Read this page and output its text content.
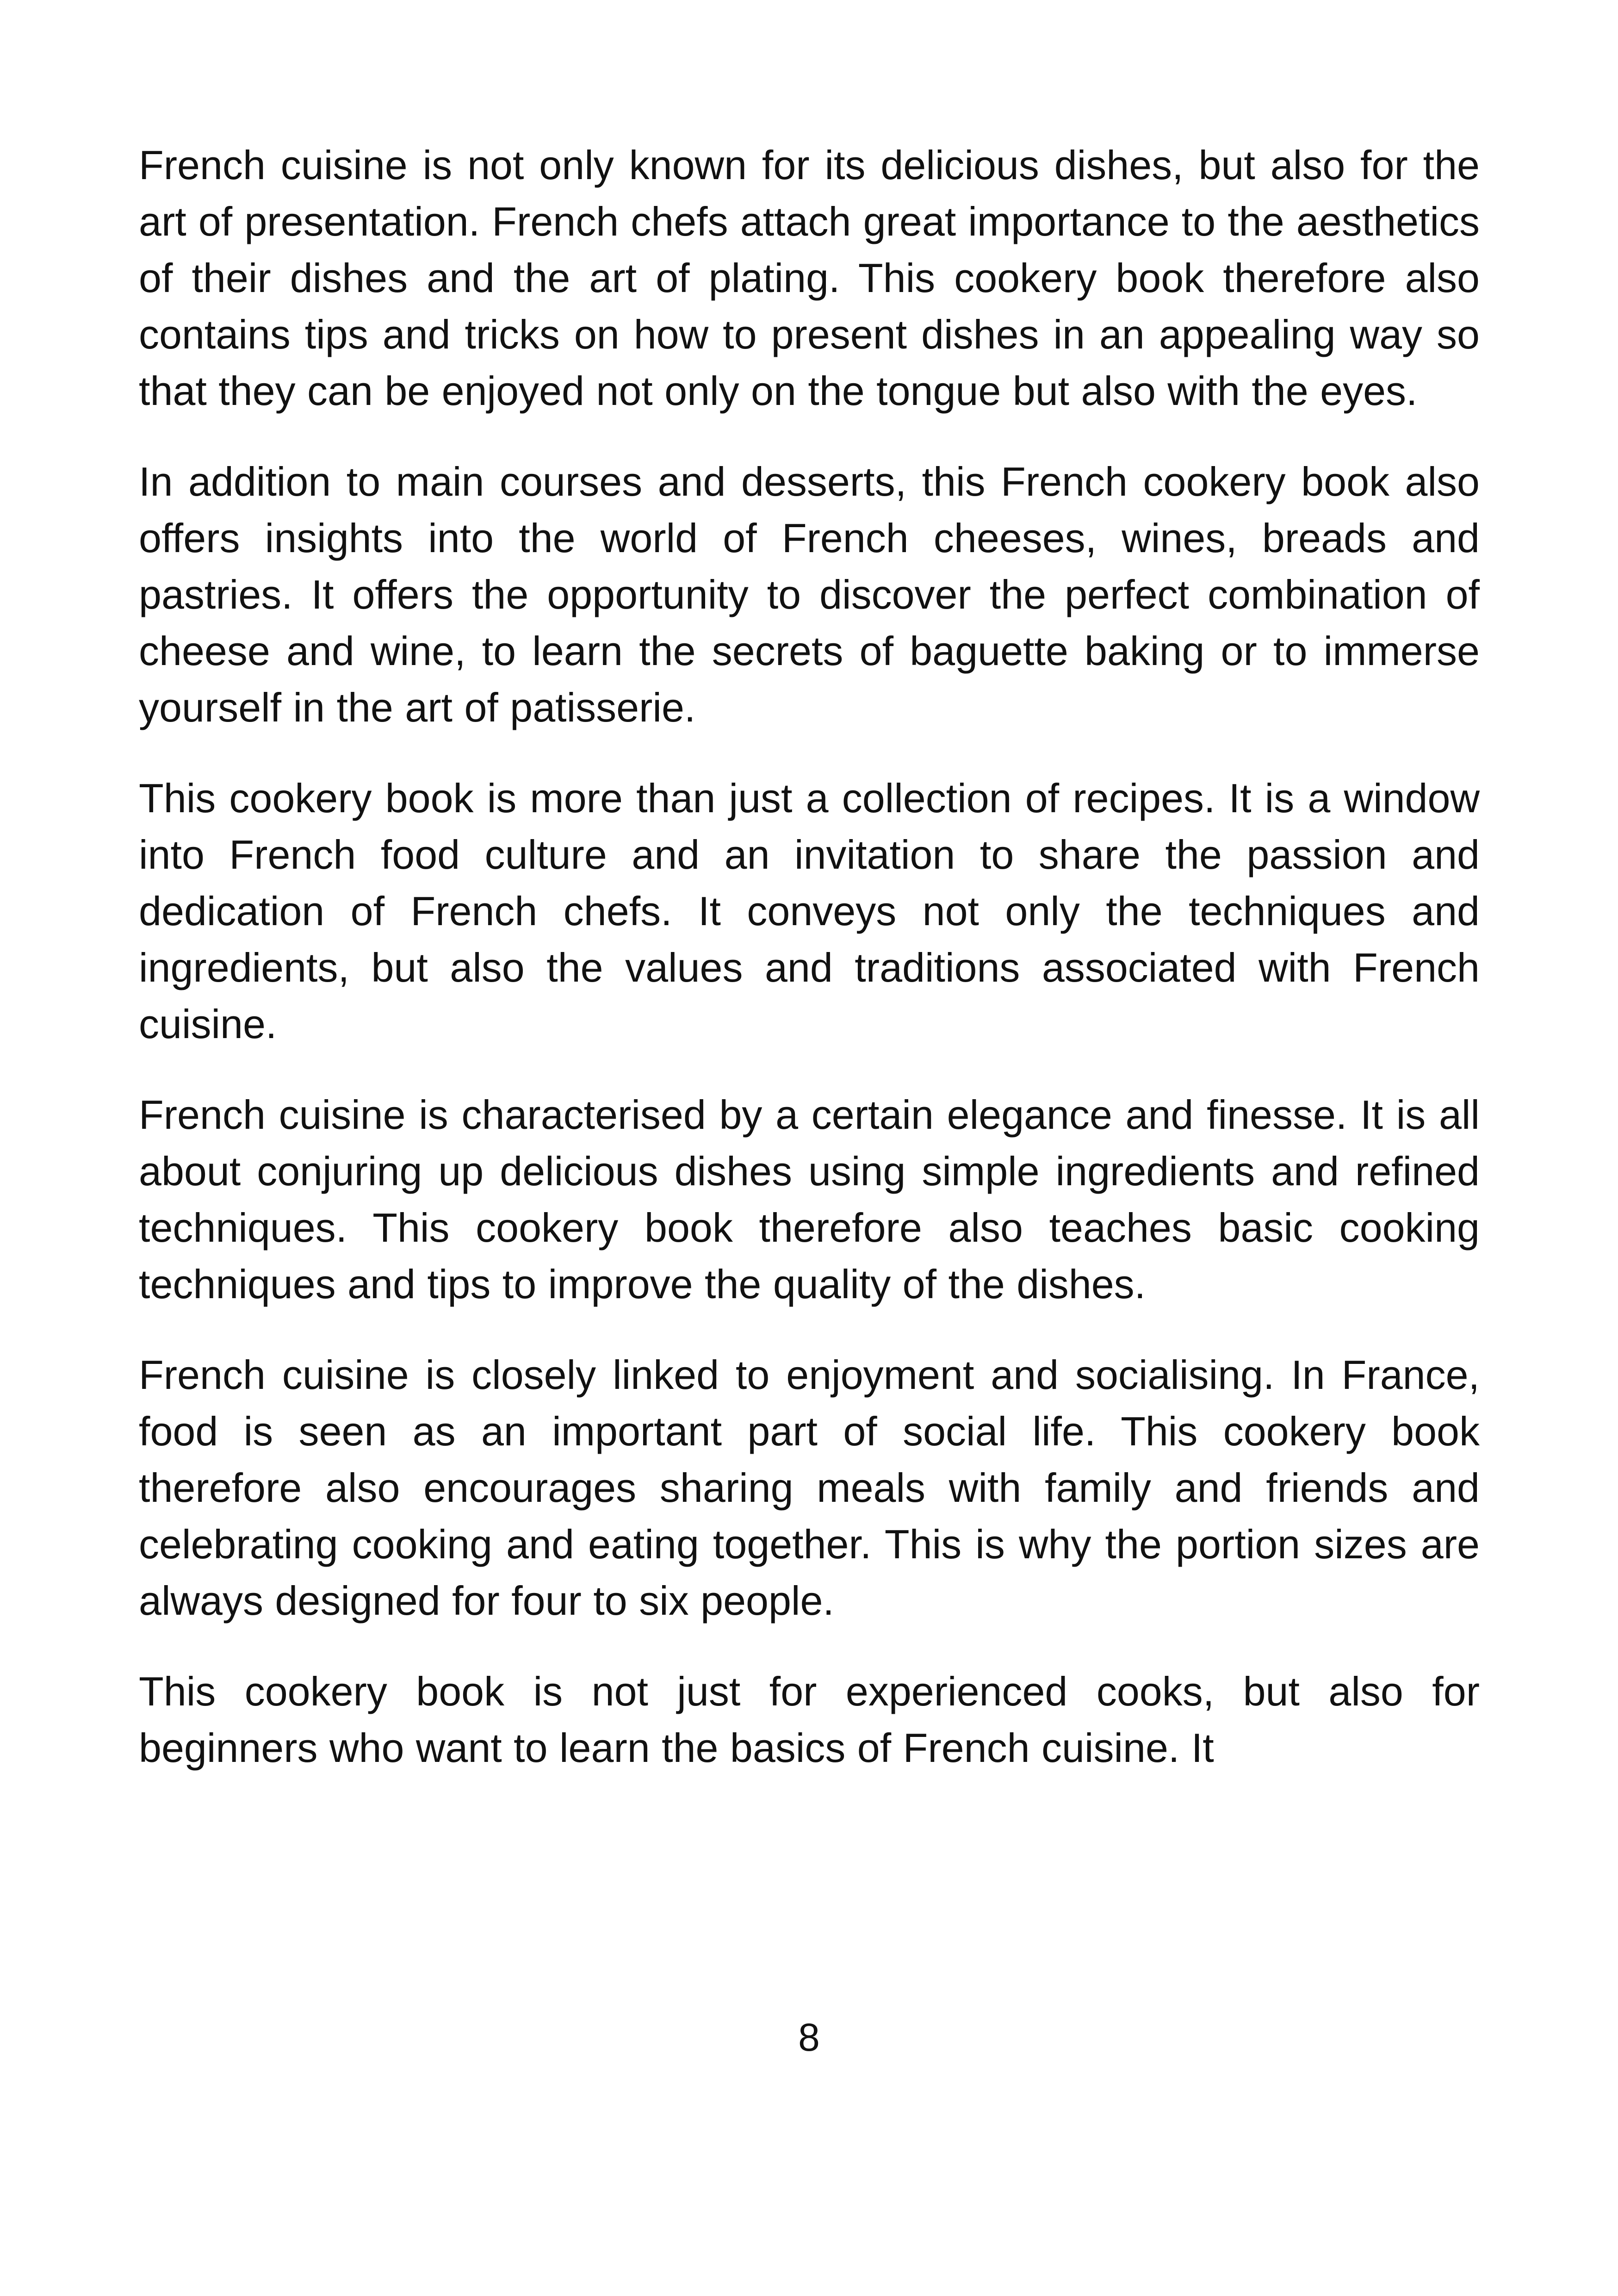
French cuisine is not only known for its delicious dishes, but also for the art of presentation. French chefs attach great importance to the aesthetics of their dishes and the art of plating. This cookery book therefore also contains tips and tricks on how to present dishes in an appealing way so that they can be enjoyed not only on the tongue but also with the eyes.

In addition to main courses and desserts, this French cookery book also offers insights into the world of French cheeses, wines, breads and pastries. It offers the opportunity to discover the perfect combination of cheese and wine, to learn the secrets of baguette baking or to immerse yourself in the art of patisserie.

This cookery book is more than just a collection of recipes. It is a window into French food culture and an invitation to share the passion and dedication of French chefs. It conveys not only the techniques and ingredients, but also the values and traditions associated with French cuisine.

French cuisine is characterised by a certain elegance and finesse. It is all about conjuring up delicious dishes using simple ingredients and refined techniques. This cookery book therefore also teaches basic cooking techniques and tips to improve the quality of the dishes.

French cuisine is closely linked to enjoyment and socialising. In France, food is seen as an important part of social life. This cookery book therefore also encourages sharing meals with family and friends and celebrating cooking and eating together. This is why the portion sizes are always designed for four to six people.

This cookery book is not just for experienced cooks, but also for beginners who want to learn the basics of French cuisine. It

8
